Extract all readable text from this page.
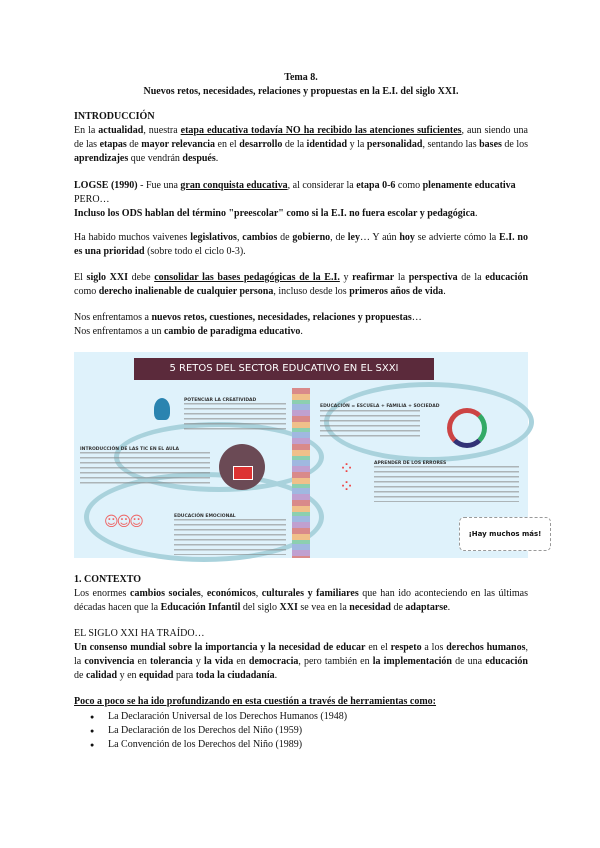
Tema 8.
Nuevos retos, necesidades, relaciones y propuestas en la E.I. del siglo XXI.
INTRODUCCIÓN
En la actualidad, nuestra etapa educativa todavía NO ha recibido las atenciones suficientes, aun siendo una de las etapas de mayor relevancia en el desarrollo de la identidad y la personalidad, sentando las bases de los aprendizajes que vendrán después.
LOGSE (1990) - Fue una gran conquista educativa, al considerar la etapa 0-6 como plenamente educativa
PERO…
Incluso los ODS hablan del término "preescolar" como si la E.I. no fuera escolar y pedagógica.
Ha habido muchos vaivenes legislativos, cambios de gobierno, de ley… Y aún hoy se advierte cómo la E.I. no es una prioridad (sobre todo el ciclo 0-3).
El siglo XXI debe consolidar las bases pedagógicas de la E.I. y reafirmar la perspectiva de la educación como derecho inalienable de cualquier persona, incluso desde los primeros años de vida.
Nos enfrentamos a nuevos retos, cuestiones, necesidades, relaciones y propuestas…
Nos enfrentamos a un cambio de paradigma educativo.
1. CONTEXTO
Los enormes cambios sociales, económicos, culturales y familiares que han ido aconteciendo en las últimas décadas hacen que la Educación Infantil del siglo XXI se vea en la necesidad de adaptarse.
EL SIGLO XXI HA TRAÍDO…
Un consenso mundial sobre la importancia y la necesidad de educar en el respeto a los derechos humanos, la convivencia en tolerancia y la vida en democracia, pero también en la implementación de una educación de calidad y en equidad para toda la ciudadanía.
Poco a poco se ha ido profundizando en esta cuestión a través de herramientas como:
5 RETOS DEL SECTOR EDUCATIVO EN EL SXXI
POTENCIAR LA CREATIVIDAD
INTRODUCCIÓN DE LAS TIC EN EL AULA
EDUCACIÓN EMOCIONAL
☺☺☺
EDUCACIÓN = ESCUELA + FAMILIA + SOCIEDAD
APRENDER DE LOS ERRORES
⁘
⁘
¡Hay muchos más!
● La Declaración Universal de los Derechos Humanos (1948)
● La Declaración de los Derechos del Niño (1959)
● La Convención de los Derechos del Niño (1989)
